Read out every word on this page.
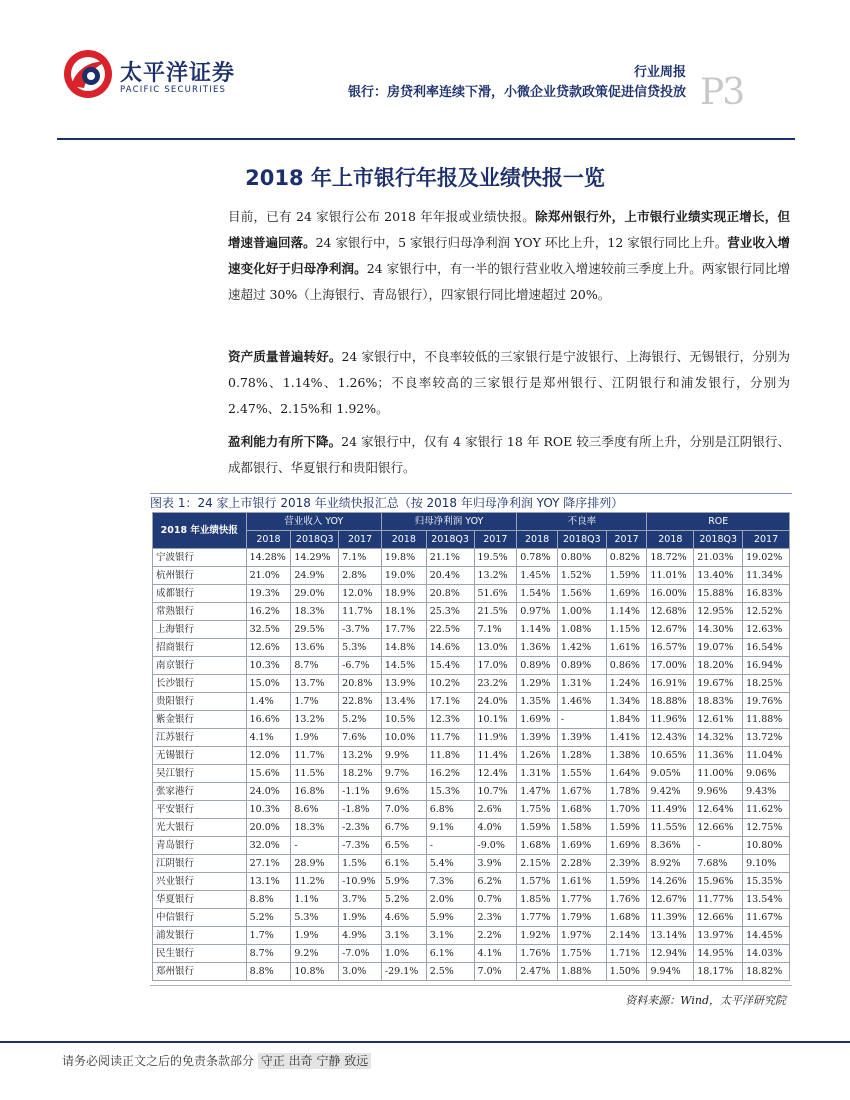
太平洋证券
PACIFIC SECURITIES
行业周报
银行：房贷利率连续下滑，小微企业贷款政策促进信贷投放 P3
2018 年上市银行年报及业绩快报一览
目前，已有 24 家银行公布 2018 年年报或业绩快报。除郑州银行外，上市银行业绩实现正增长，但增速普遍回落。24 家银行中，5 家银行归母净利润 YOY 环比上升，12 家银行同比上升。营业收入增速变化好于归母净利润。24 家银行中，有一半的银行营业收入增速较前三季度上升。两家银行同比增速超过 30%（上海银行、青岛银行），四家银行同比增速超过 20%。
资产质量普遍转好。24 家银行中，不良率较低的三家银行是宁波银行、上海银行、无锡银行，分别为 0.78%、1.14%、1.26%；不良率较高的三家银行是郑州银行、江阴银行和浦发银行，分别为 2.47%、2.15%和 1.92%。
盈利能力有所下降。24 家银行中，仅有 4 家银行 18 年 ROE 较三季度有所上升，分别是江阴银行、成都银行、华夏银行和贵阳银行。
图表 1：24 家上市银行 2018 年业绩快报汇总（按 2018 年归母净利润 YOY 降序排列）
2018 年业绩快报	营业收入 YOY			归母净利润 YOY			不良率			ROE		
	2018	2018Q3	2017	2018	2018Q3	2017	2018	2018Q3	2017	2018	2018Q3	2017
宁波银行	14.28%	14.29%	7.1%	19.8%	21.1%	19.5%	0.78%	0.80%	0.82%	18.72%	21.03%	19.02%
杭州银行	21.0%	24.9%	2.8%	19.0%	20.4%	13.2%	1.45%	1.52%	1.59%	11.01%	13.40%	11.34%
成都银行	19.3%	29.0%	12.0%	18.9%	20.8%	51.6%	1.54%	1.56%	1.69%	16.00%	15.88%	16.83%
常熟银行	16.2%	18.3%	11.7%	18.1%	25.3%	21.5%	0.97%	1.00%	1.14%	12.68%	12.95%	12.52%
上海银行	32.5%	29.5%	-3.7%	17.7%	22.5%	7.1%	1.14%	1.08%	1.15%	12.67%	14.30%	12.63%
招商银行	12.6%	13.6%	5.3%	14.8%	14.6%	13.0%	1.36%	1.42%	1.61%	16.57%	19.07%	16.54%
南京银行	10.3%	8.7%	-6.7%	14.5%	15.4%	17.0%	0.89%	0.89%	0.86%	17.00%	18.20%	16.94%
长沙银行	15.0%	13.7%	20.8%	13.9%	10.2%	23.2%	1.29%	1.31%	1.24%	16.91%	19.67%	18.25%
贵阳银行	1.4%	1.7%	22.8%	13.4%	17.1%	24.0%	1.35%	1.46%	1.34%	18.88%	18.83%	19.76%
紫金银行	16.6%	13.2%	5.2%	10.5%	12.3%	10.1%	1.69%	-	1.84%	11.96%	12.61%	11.88%
江苏银行	4.1%	1.9%	7.6%	10.0%	11.7%	11.9%	1.39%	1.39%	1.41%	12.43%	14.32%	13.72%
无锡银行	12.0%	11.7%	13.2%	9.9%	11.8%	11.4%	1.26%	1.28%	1.38%	10.65%	11.36%	11.04%
吴江银行	15.6%	11.5%	18.2%	9.7%	16.2%	12.4%	1.31%	1.55%	1.64%	9.05%	11.00%	9.06%
张家港行	24.0%	16.8%	-1.1%	9.6%	15.3%	10.7%	1.47%	1.67%	1.78%	9.42%	9.96%	9.43%
平安银行	10.3%	8.6%	-1.8%	7.0%	6.8%	2.6%	1.75%	1.68%	1.70%	11.49%	12.64%	11.62%
光大银行	20.0%	18.3%	-2.3%	6.7%	9.1%	4.0%	1.59%	1.58%	1.59%	11.55%	12.66%	12.75%
青岛银行	32.0%	-	-7.3%	6.5%	-	-9.0%	1.68%	1.69%	1.69%	8.36%	-	10.80%
江阴银行	27.1%	28.9%	1.5%	6.1%	5.4%	3.9%	2.15%	2.28%	2.39%	8.92%	7.68%	9.10%
兴业银行	13.1%	11.2%	-10.9%	5.9%	7.3%	6.2%	1.57%	1.61%	1.59%	14.26%	15.96%	15.35%
华夏银行	8.8%	1.1%	3.7%	5.2%	2.0%	0.7%	1.85%	1.77%	1.76%	12.67%	11.77%	13.54%
中信银行	5.2%	5.3%	1.9%	4.6%	5.9%	2.3%	1.77%	1.79%	1.68%	11.39%	12.66%	11.67%
浦发银行	1.7%	1.9%	4.9%	3.1%	3.1%	2.2%	1.92%	1.97%	2.14%	13.14%	13.97%	14.45%
民生银行	8.7%	9.2%	-7.0%	1.0%	6.1%	4.1%	1.76%	1.75%	1.71%	12.94%	14.95%	14.03%
郑州银行	8.8%	10.8%	3.0%	-29.1%	2.5%	7.0%	2.47%	1.88%	1.50%	9.94%	18.17%	18.82%
资料来源：Wind，太平洋研究院
请务必阅读正文之后的免责条款部分 守正 出奇 宁静 致远
